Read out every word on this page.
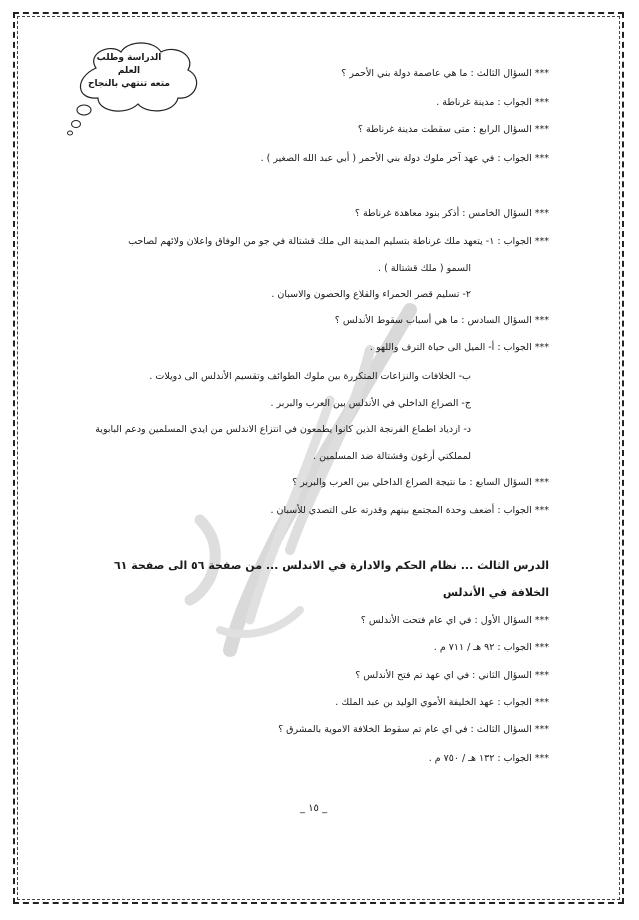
الدراسة وطلب العلم
متعه تنتهي بالنجاح
*** السؤال الثالث : ما هي عاصمة دولة بني الأحمر ؟
*** الجواب : مدينة غرناطة .
*** السؤال الرابع : متى سقطت مدينة غرناطة ؟
*** الجواب : في عهد آخر ملوك دولة بني الأحمر ( أبي عبد الله الصغير ) .
*** السؤال الخامس : أذكر بنود معاهدة غرناطة ؟
*** الجواب : ١- يتعهد ملك غرناطة بتسليم المدينة الى ملك قشتالة في جو من الوفاق واعلان ولائهم لصاحب
السمو ( ملك قشتالة ) .
٢- تسليم قصر الحمراء والقلاع والحصون والاسبان .
*** السؤال السادس : ما هي أسباب سقوط الأندلس ؟
*** الجواب : أ- الميل الى حياة الترف واللهو .
ب- الخلافات والنزاعات المتكررة بين ملوك الطوائف وتقسيم الأندلس الى دويلات .
ج- الصراع الداخلي في الأندلس بين العرب والبربر .
د- ازدياد اطماع الفرنجة الذين كانوا يطمعون في انتزاع الاندلس من ايدي المسلمين ودعم البابوية
لمملكتي أرغون وقشتالة ضد المسلمين .
*** السؤال السابع : ما نتيجة الصراع الداخلي بين العرب والبربر ؟
*** الجواب : أضعف وحدة المجتمع بينهم وقدرته على التصدي للأسبان .
الدرس الثالث ... نظام الحكم والادارة في الاندلس ... من صفحة ٥٦ الى صفحة ٦١
الخلافة في الأندلس
*** السؤال الأول : في اي عام فتحت الأندلس ؟
*** الجواب : ٩٢ هـ / ٧١١ م .
*** السؤال الثاني : في اي عهد تم فتح الأندلس ؟
*** الجواب : عهد الخليفة الأموي الوليد بن عبد الملك .
*** السؤال الثالث : في اي عام تم سقوط الخلافة الاموية بالمشرق ؟
*** الجواب : ١٣٢ هـ / ٧٥٠ م .
_ ١٥ _
